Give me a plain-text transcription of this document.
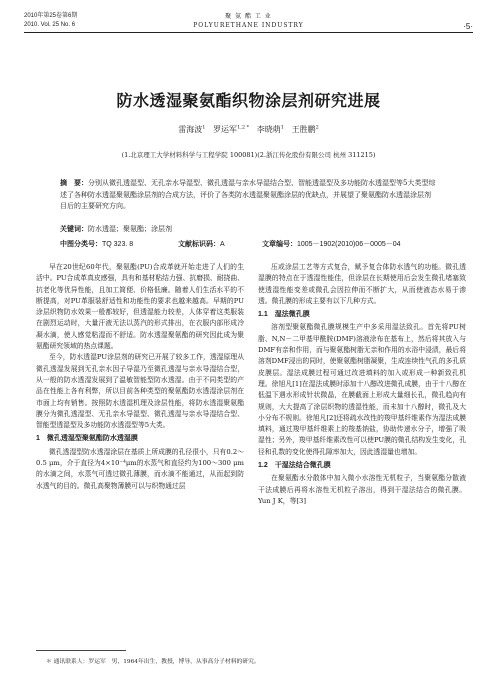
2010年第25卷第6期
2010. Vol. 25 No. 6
聚 氨 酯 工 业
POLYURETHANE INDUSTRY	·5·
防水透湿聚氨酯织物涂层剂研究进展
雷海波$^1$ 罗运军$^{1,2 *}$ 李晓萌$^1$ 王胜鹏$^2$
(1.北京理工大学材料科学与工程学院 100081)(2.浙江传化股份有限公司 杭州 311215)
摘　要：分别从微孔透湿型、无孔亲水导湿型、微孔透湿与亲水导湿结合型、智能透湿型及多功能防水透湿型等5大类型综述了各种防水透湿聚氨酯涂层剂的合成方法，评价了各类防水透湿聚氨酯涂层的优缺点，并展望了聚氨酯防水透湿涂层剂目后的主要研究方向。
关键词：防水透湿；聚氨酯；涂层剂
中图分类号：TQ 323. 8	文献标识码：A	文章编号：1005－1902(2010)06－0005－04

早在20世纪60年代，聚氨酯(PU)合成革就开始走进了人们的生活中。PU合成革真皮感强，具有和基材粘结力强、抗磨损、耐挠曲、抗老化等优异性能，且加工简便、价格低廉。随着人们生活水平的不断提高，对PU革服装舒适性和功能性的要求也越来越高。早期的PU涂层织物防水效果一般都较好，但透湿能力较差，人体穿着这类服装在剧烈运动时，大量汗液无法以蒸汽的形式排出，在衣服内部形成冷凝水滴，使人感觉粘湿而不舒适。防水透湿聚氨酯的研究因此成为聚氨酯研究领域的热点课题。

至今，防水透湿PU涂层剂的研究已开展了较多工作，透湿原理从微孔透湿发展到无孔亲水因子导湿乃至微孔透湿与亲水导湿结合型，从一般的防水透湿发展到了温敏智能型防水透湿。由于不同类型的产品在性能上各有利弊，所以目前各种类型的聚氨酯防水透湿涂层剂在市面上均有销售。按照防水透湿机理及涂层性能，将防水透湿聚氨酯膜分为微孔透湿型、无孔亲水导湿型、微孔透湿与亲水导湿结合型、智能型透湿型及多功能防水透湿型等5大类。

1　微孔透湿型聚氨酯防水透湿膜

微孔透湿型防水透湿涂层在基质上所成膜的孔径很小，只有0.2～0.5 μm，介于直径为4×10⁻⁴μm的水蒸气和直径约为100～300 μm的水滴之间，水蒸气可透过微孔薄膜，而水滴不能通过，从而起到防水透气的目的。微孔高聚物薄膜可以与织物通过层

压或涂层工艺等方式复合，赋予复合体防水透气的功能。微孔透湿膜的特点在于透湿性能佳，但涂层在长期使用后会发生微孔堵塞致使透湿性能变差或微孔会因拉伸而不断扩大，从而使液态水易于渗透。微孔膜的形成主要有以下几种方式。

1.1　湿法微孔膜

溶剂型聚氨酯微孔膜规模生产中多采用湿法致孔。首先将PU树脂、N,N－二甲基甲酰胺(DMF)溶液涂布在基布上，然后将其放入与DMF有亲和作用，而与聚氨酯树脂无亲和作用的水浴中浸渍，最后将溶剂DMF浸出的同时，使聚氨酯树脂凝聚，生成连续性气孔的多孔质皮膜层。湿法成膜过程可通过改进填料的加入或形成一种新致孔机理。徐旭凡[1]在湿法成膜时添加十八醇改进微孔成膜，由于十八醇在低温下遇水形成针状微晶，在膜截面上形成大量细长孔，微孔趋向有规则，大大提高了涂层织物的透湿性能，而未加十八醇时，微孔及大小分布不规则。徐旭凡[2]还将疏水改性的羧甲基纤维素作为湿法成膜填料，通过羧甲基纤维素上的羧基钠盐，协助传递水分子，增强了吸湿性；另外，羧甲基纤维素改性可以使PU膜的微孔结构发生变化，孔径和孔数的变化使得孔隙率加大，因此透湿量也增加。

1.2　干湿法结合微孔膜

在聚氨酯水分散体中加入微小水溶性无机粒子，当聚氨酯分散液干法成膜后再将水溶性无机粒子溶出，得到干湿法结合的微孔膜。Yun J K，等[3]

＊ 通讯联系人：罗运军　男，1964年出生，教授，博导，从事高分子材料的研究。
